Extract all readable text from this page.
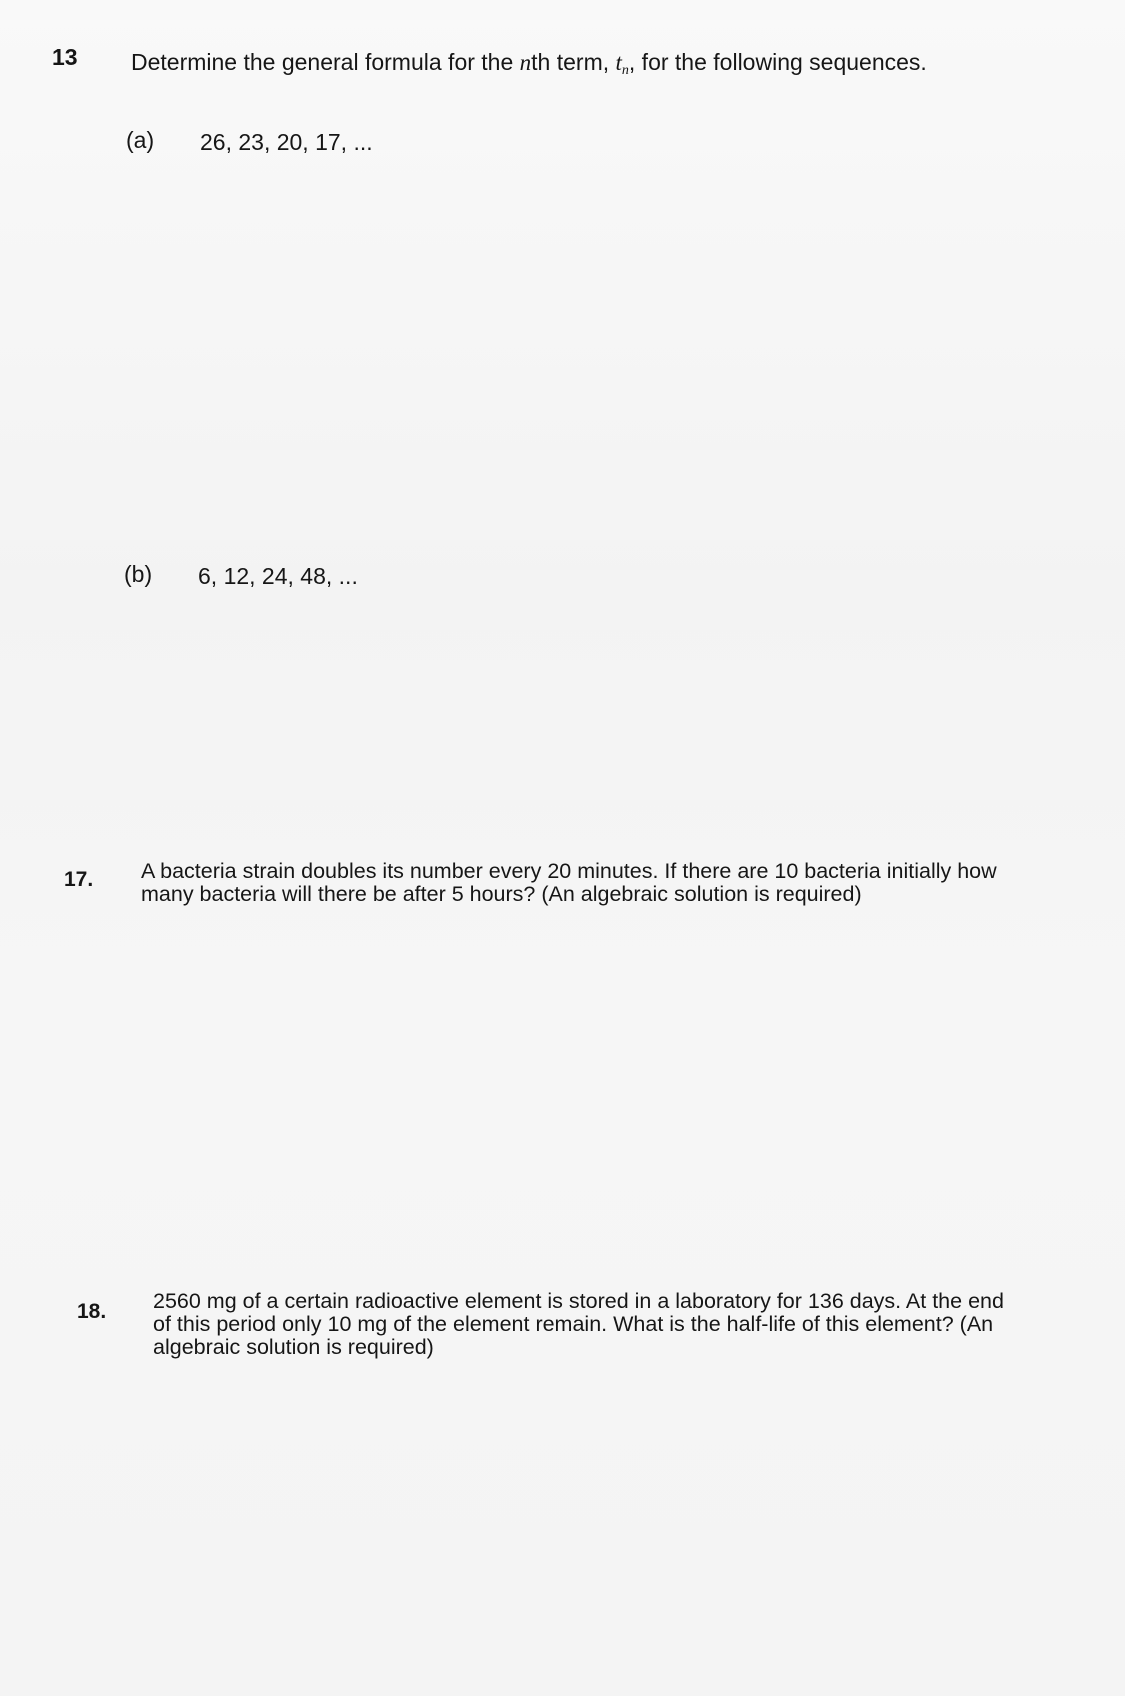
13 Determine the general formula for the nth term, $t_n$, for the following sequences.
(a) 26, 23, 20, 17, ...
(b) 6, 12, 24, 48, ...
17. A bacteria strain doubles its number every 20 minutes. If there are 10 bacteria initially how many bacteria will there be after 5 hours? (An algebraic solution is required)
18. 2560 mg of a certain radioactive element is stored in a laboratory for 136 days. At the end of this period only 10 mg of the element remain. What is the half-life of this element? (An algebraic solution is required)
